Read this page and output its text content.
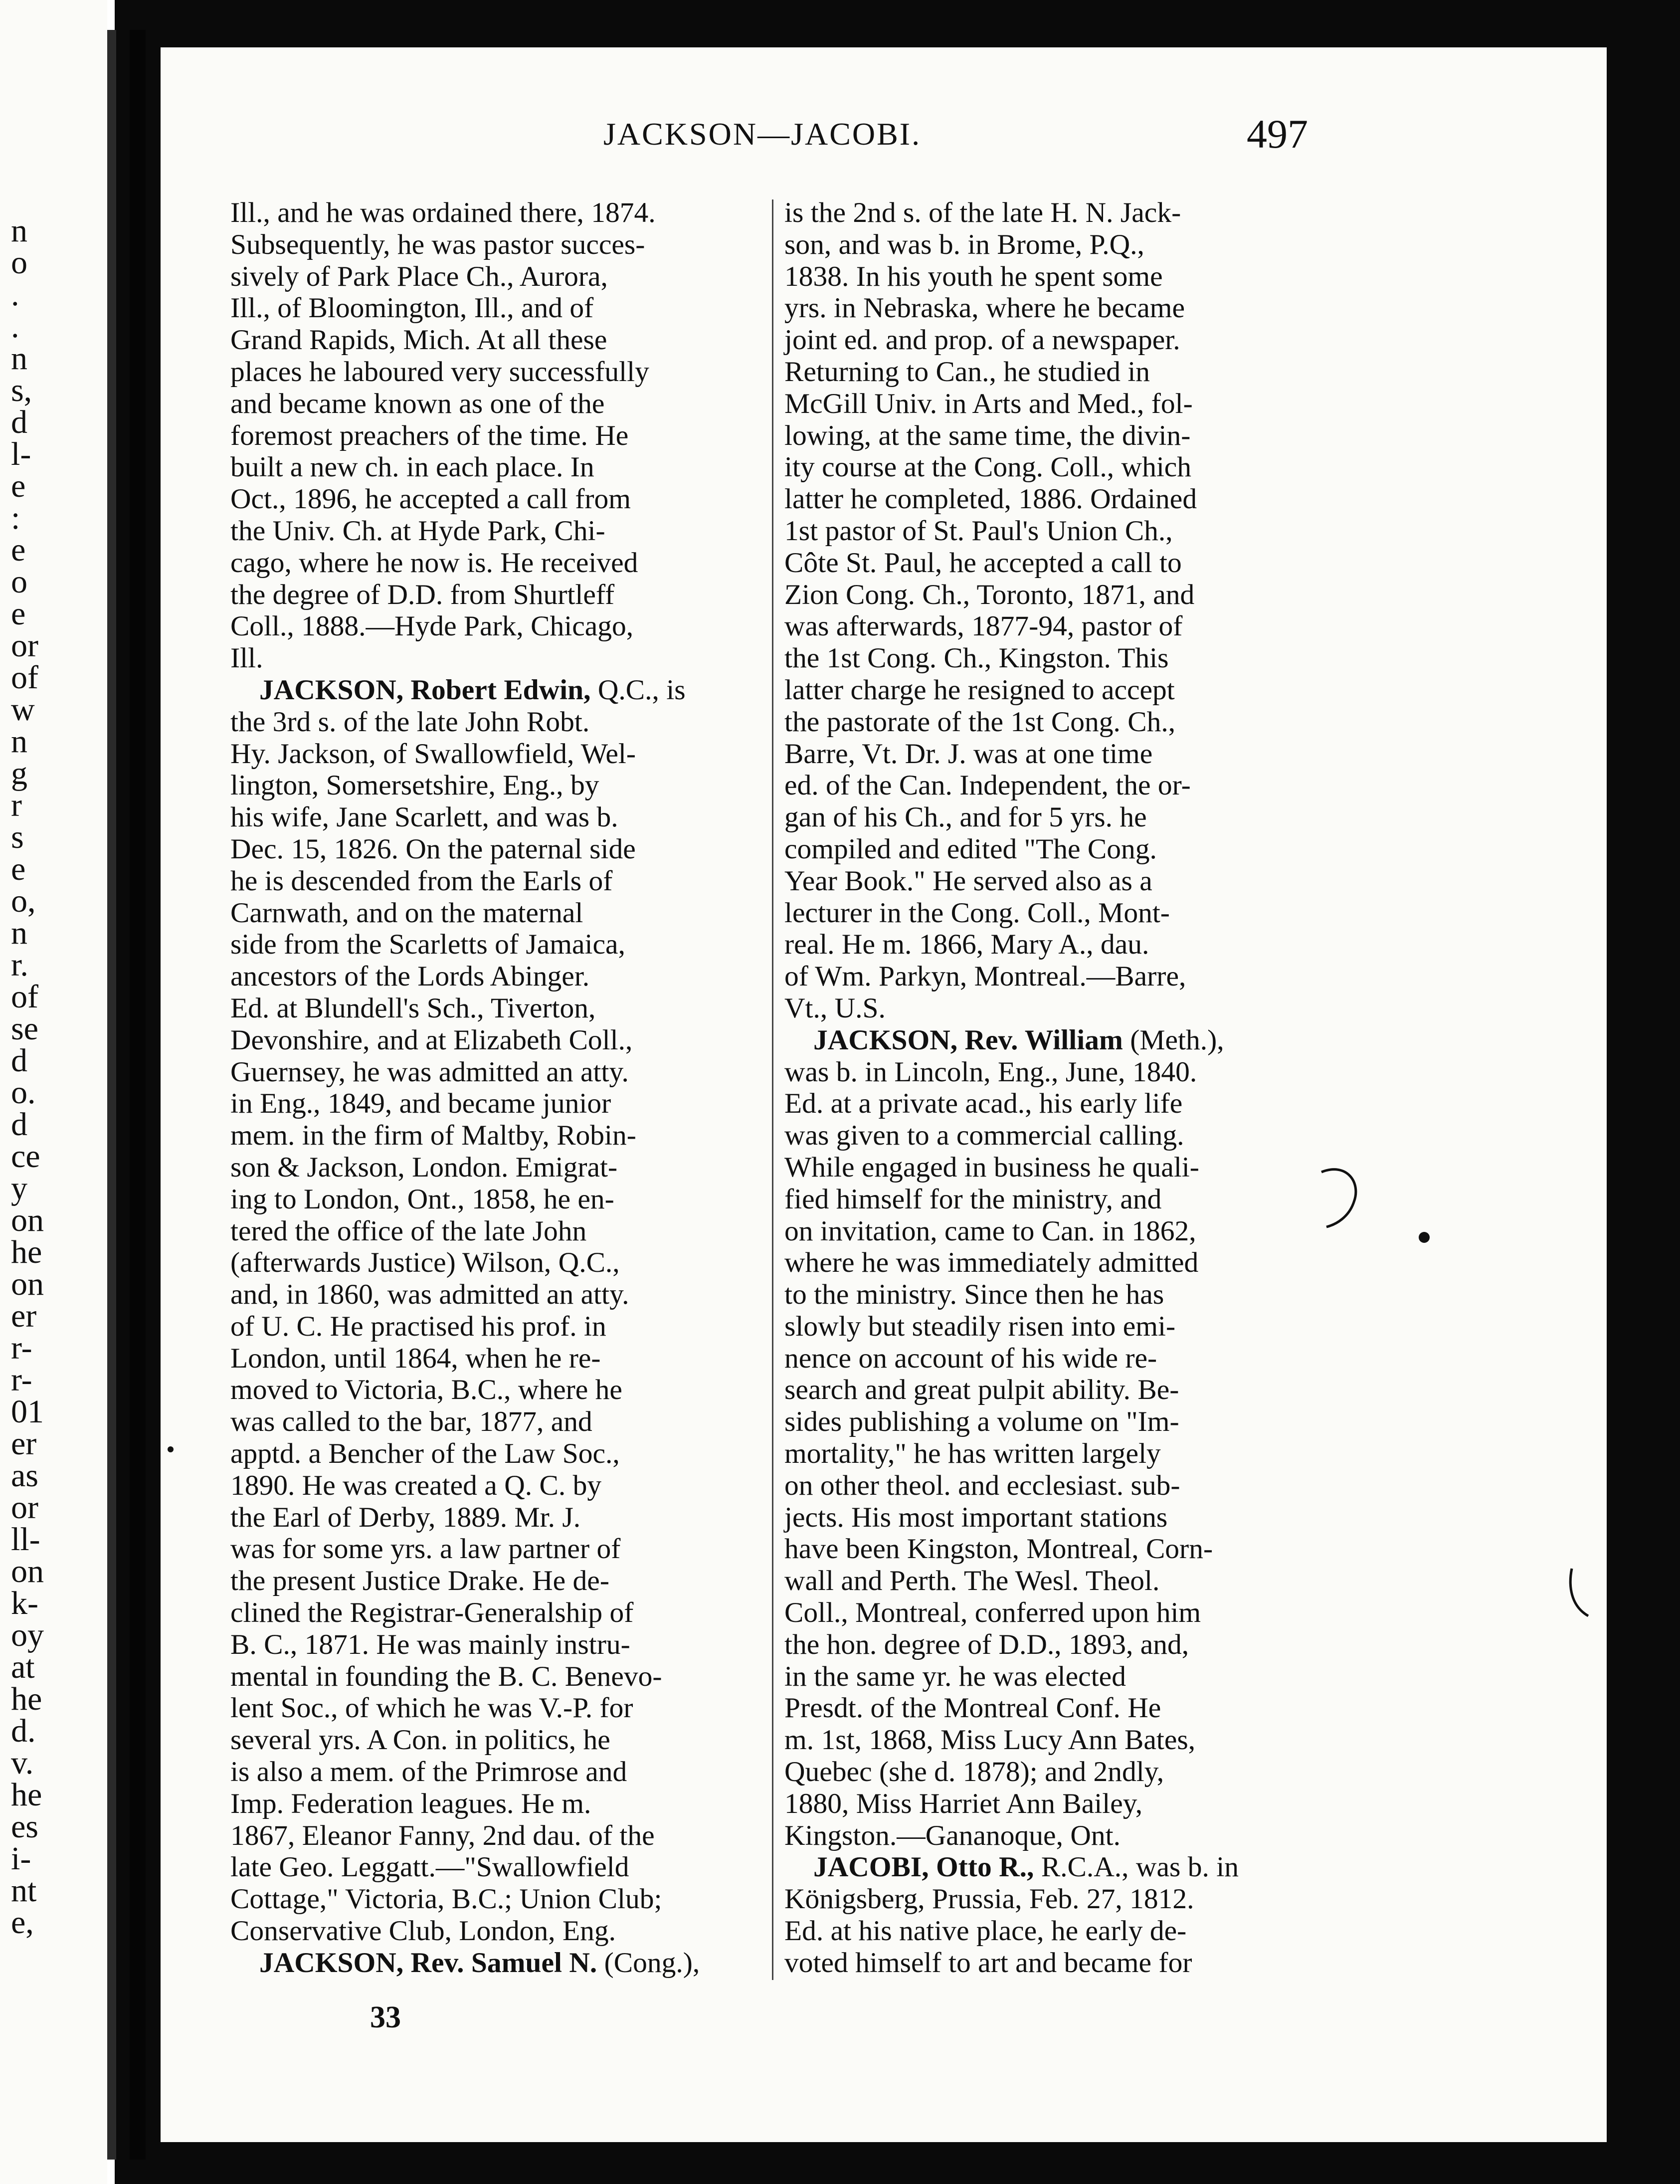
n
o
.
.
n
s,
d
l-
e
:
e
o
e
or
of
w
n
g
r
s
e
o,
n
r.
of
se
d
o.
d
ce
y
on
he
on
er
r-
r-
01
er
as
or
ll-
on
k-
oy
at
he
d.
v.
he
es
i-
nt
e,
JACKSON—JACOBI.	497

Ill., and he was ordained there, 1874.
Subsequently, he was pastor succes-
sively of Park Place Ch., Aurora,
Ill., of Bloomington, Ill., and of
Grand Rapids, Mich. At all these
places he laboured very successfully
and became known as one of the
foremost preachers of the time. He
built a new ch. in each place. In
Oct., 1896, he accepted a call from
the Univ. Ch. at Hyde Park, Chi-
cago, where he now is. He received
the degree of D.D. from Shurtleff
Coll., 1888.—Hyde Park, Chicago,
Ill.

JACKSON, Robert Edwin, Q.C., is
the 3rd s. of the late John Robt.
Hy. Jackson, of Swallowfield, Wel-
lington, Somersetshire, Eng., by
his wife, Jane Scarlett, and was b.
Dec. 15, 1826. On the paternal side
he is descended from the Earls of
Carnwath, and on the maternal
side from the Scarletts of Jamaica,
ancestors of the Lords Abinger.
Ed. at Blundell's Sch., Tiverton,
Devonshire, and at Elizabeth Coll.,
Guernsey, he was admitted an atty.
in Eng., 1849, and became junior
mem. in the firm of Maltby, Robin-
son & Jackson, London. Emigrat-
ing to London, Ont., 1858, he en-
tered the office of the late John
(afterwards Justice) Wilson, Q.C.,
and, in 1860, was admitted an atty.
of U. C. He practised his prof. in
London, until 1864, when he re-
moved to Victoria, B.C., where he
was called to the bar, 1877, and
apptd. a Bencher of the Law Soc.,
1890. He was created a Q. C. by
the Earl of Derby, 1889. Mr. J.
was for some yrs. a law partner of
the present Justice Drake. He de-
clined the Registrar-Generalship of
B. C., 1871. He was mainly instru-
mental in founding the B. C. Benevo-
lent Soc., of which he was V.-P. for
several yrs. A Con. in politics, he
is also a mem. of the Primrose and
Imp. Federation leagues. He m.
1867, Eleanor Fanny, 2nd dau. of the
late Geo. Leggatt.—"Swallowfield
Cottage," Victoria, B.C.; Union Club;
Conservative Club, London, Eng.

JACKSON, Rev. Samuel N. (Cong.),

is the 2nd s. of the late H. N. Jack-
son, and was b. in Brome, P.Q.,
1838. In his youth he spent some
yrs. in Nebraska, where he became
joint ed. and prop. of a newspaper.
Returning to Can., he studied in
McGill Univ. in Arts and Med., fol-
lowing, at the same time, the divin-
ity course at the Cong. Coll., which
latter he completed, 1886. Ordained
1st pastor of St. Paul's Union Ch.,
Côte St. Paul, he accepted a call to
Zion Cong. Ch., Toronto, 1871, and
was afterwards, 1877-94, pastor of
the 1st Cong. Ch., Kingston. This
latter charge he resigned to accept
the pastorate of the 1st Cong. Ch.,
Barre, Vt. Dr. J. was at one time
ed. of the Can. Independent, the or-
gan of his Ch., and for 5 yrs. he
compiled and edited "The Cong.
Year Book." He served also as a
lecturer in the Cong. Coll., Mont-
real. He m. 1866, Mary A., dau.
of Wm. Parkyn, Montreal.—Barre,
Vt., U.S.

JACKSON, Rev. William (Meth.),
was b. in Lincoln, Eng., June, 1840.
Ed. at a private acad., his early life
was given to a commercial calling.
While engaged in business he quali-
fied himself for the ministry, and
on invitation, came to Can. in 1862,
where he was immediately admitted
to the ministry. Since then he has
slowly but steadily risen into emi-
nence on account of his wide re-
search and great pulpit ability. Be-
sides publishing a volume on "Im-
mortality," he has written largely
on other theol. and ecclesiast. sub-
jects. His most important stations
have been Kingston, Montreal, Corn-
wall and Perth. The Wesl. Theol.
Coll., Montreal, conferred upon him
the hon. degree of D.D., 1893, and,
in the same yr. he was elected
Presdt. of the Montreal Conf. He
m. 1st, 1868, Miss Lucy Ann Bates,
Quebec (she d. 1878); and 2ndly,
1880, Miss Harriet Ann Bailey,
Kingston.—Gananoque, Ont.

JACOBI, Otto R., R.C.A., was b. in
Königsberg, Prussia, Feb. 27, 1812.
Ed. at his native place, he early de-
voted himself to art and became for

33
